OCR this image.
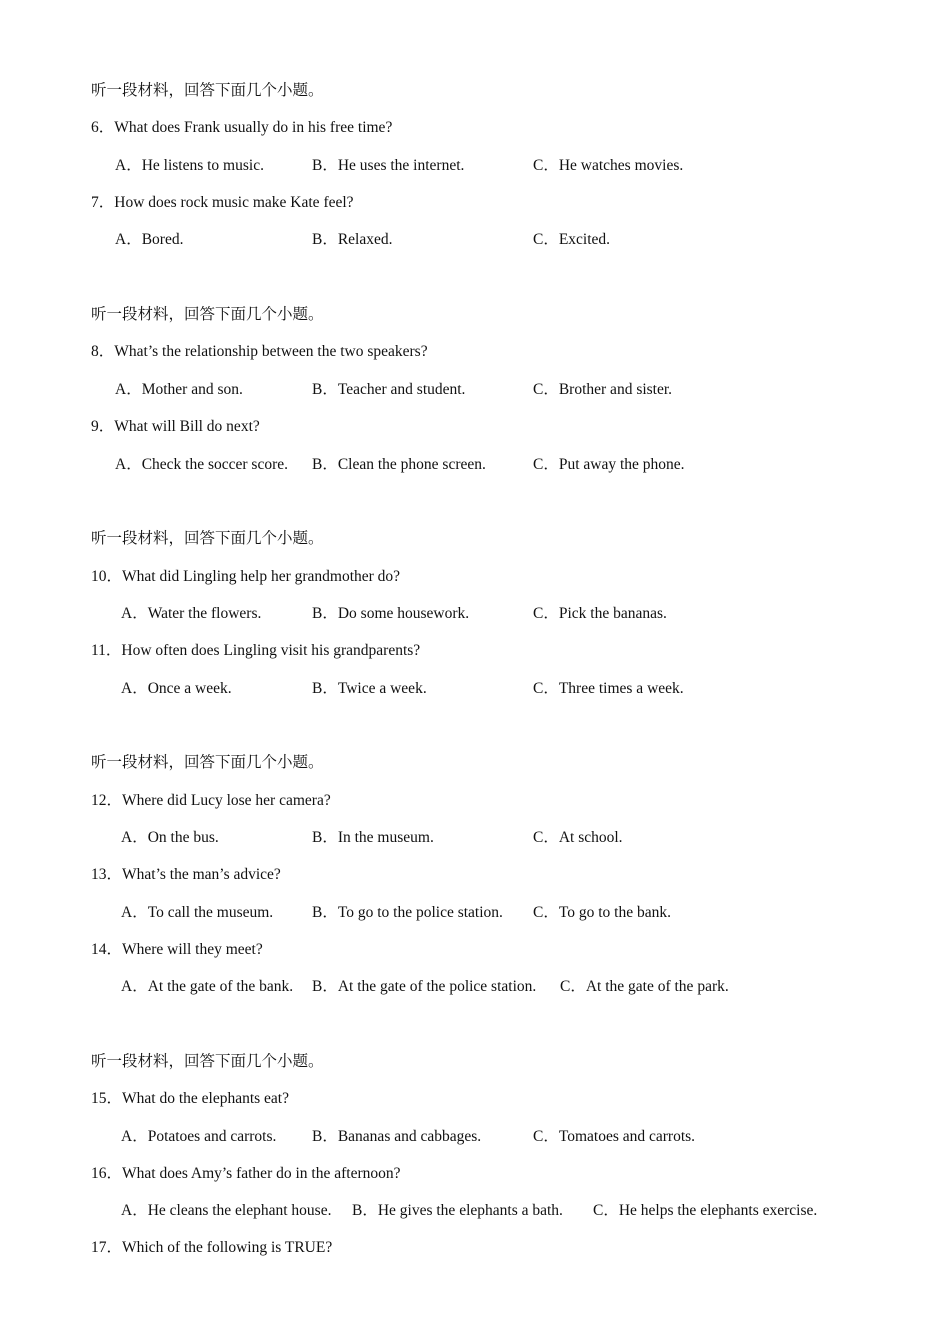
听一段材料，回答下面几个小题。
6．What does Frank usually do in his free time?
A．He listens to music.	B．He uses the internet.	C．He watches movies.
7．How does rock music make Kate feel?
A．Bored.	B．Relaxed.	C．Excited.
听一段材料，回答下面几个小题。
8．What’s the relationship between the two speakers?
A．Mother and son.	B．Teacher and student.	C．Brother and sister.
9．What will Bill do next?
A．Check the soccer score. B．Clean the phone screen.	C．Put away the phone.
听一段材料，回答下面几个小题。
10．What did Lingling help her grandmother do?
A．Water the flowers.	B．Do some housework.	C．Pick the bananas.
11．How often does Lingling visit his grandparents?
A．Once a week.	B．Twice a week.	C．Three times a week.
听一段材料，回答下面几个小题。
12．Where did Lucy lose her camera?
A．On the bus.	B．In the museum.	C．At school.
13．What’s the man’s advice?
A．To call the museum.	B．To go to the police station. C．To go to the bank.
14．Where will they meet?
A．At the gate of the bank. B．At the gate of the police station. C．At the gate of the park.
听一段材料，回答下面几个小题。
15．What do the elephants eat?
A．Potatoes and carrots. B．Bananas and cabbages.	C．Tomatoes and carrots.
16．What does Amy’s father do in the afternoon?
A．He cleans the elephant house. B．He gives the elephants a bath. C．He helps the elephants exercise.
17．Which of the following is TRUE?
